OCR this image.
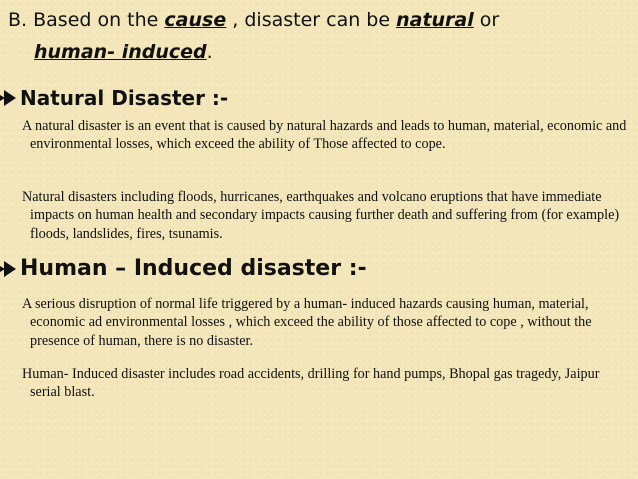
B. Based on the cause , disaster can be natural or
human- induced.
Natural Disaster :-
A natural disaster is an event that is caused by natural hazards and leads to human, material, economic and environmental losses, which exceed the ability of Those affected to cope.
Natural disasters including floods, hurricanes, earthquakes and volcano eruptions that have immediate impacts on human health and secondary impacts causing further death and suffering from (for example) floods, landslides, fires, tsunamis.
Human – Induced disaster :-
A serious disruption of normal life triggered by a human- induced hazards causing human, material, economic ad environmental losses , which exceed the ability of those affected to cope , without the presence of human, there is no disaster.
Human- Induced disaster includes road accidents, drilling for hand pumps, Bhopal gas tragedy, Jaipur serial blast.
